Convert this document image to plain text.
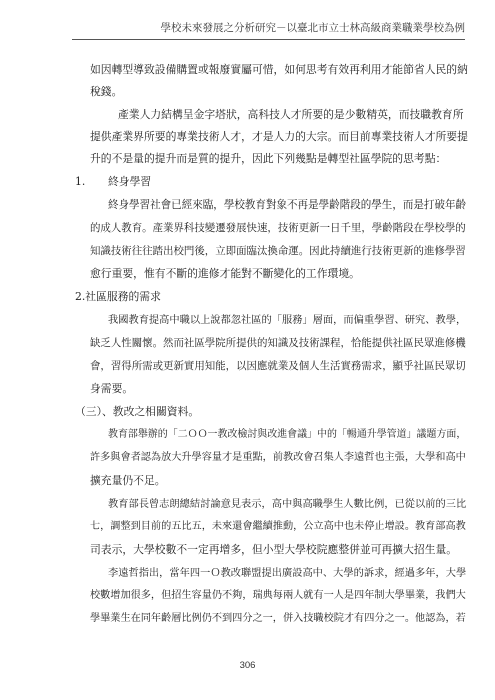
學校未來發展之分析研究－以臺北市立士林高級商業職業學校為例
如因轉型導致設備購置或報廢實屬可惜，如何思考有效再利用才能節省人民的納
稅錢。
產業人力結構呈金字塔狀，高科技人才所要的是少數精英，而技職教育所
提供產業界所要的專業技術人才，才是人力的大宗。而目前專業技術人才所要提
升的不是量的提升而是質的提升，因此下列幾點是轉型社區學院的思考點：
1. 終身學習
終身學習社會已經來臨，學校教育對象不再是學齡階段的學生，而是打破年齡
的成人教育。產業界科技變遷發展快速，技術更新一日千里，學齡階段在學校學的
知識技術往往踏出校門後，立即面臨汰換命運。因此持續進行技術更新的進修學習
愈行重要，惟有不斷的進修才能對不斷變化的工作環境。
2.社區服務的需求
我國教育提高中職以上說都忽社區的「服務」層面，而偏重學習、研究、教學，
缺乏人性關懷。然而社區學院所提供的知識及技術課程，恰能提供社區民眾進修機
會，習得所需或更新實用知能，以因應就業及個人生活實務需求，顯乎社區民眾切
身需要。
（三）、教改之相關資料。
教育部舉辦的「二ＯＯ一教改檢討與改進會議」中的「暢通升學管道」議題方面，
許多與會者認為放大升學容量才是重點，前教改會召集人李遠哲也主張，大學和高中
擴充量仍不足。
教育部長曾志朗總結討論意見表示，高中與高職學生人數比例，已從以前的三比
七，調整到目前的五比五，未來還會繼續推動，公立高中也未停止增設。教育部高教
司表示，大學校數不一定再增多，但小型大學校院應整併並可再擴大招生量。
李遠哲指出，當年四一Ｏ教改聯盟提出廣設高中、大學的訴求，經過多年，大學
校數增加很多，但招生容量仍不夠，瑞典每兩人就有一人是四年制大學畢業，我們大
學畢業生在同年齡層比例仍不到四分之一，併入技職校院才有四分之一。他認為，若
306
